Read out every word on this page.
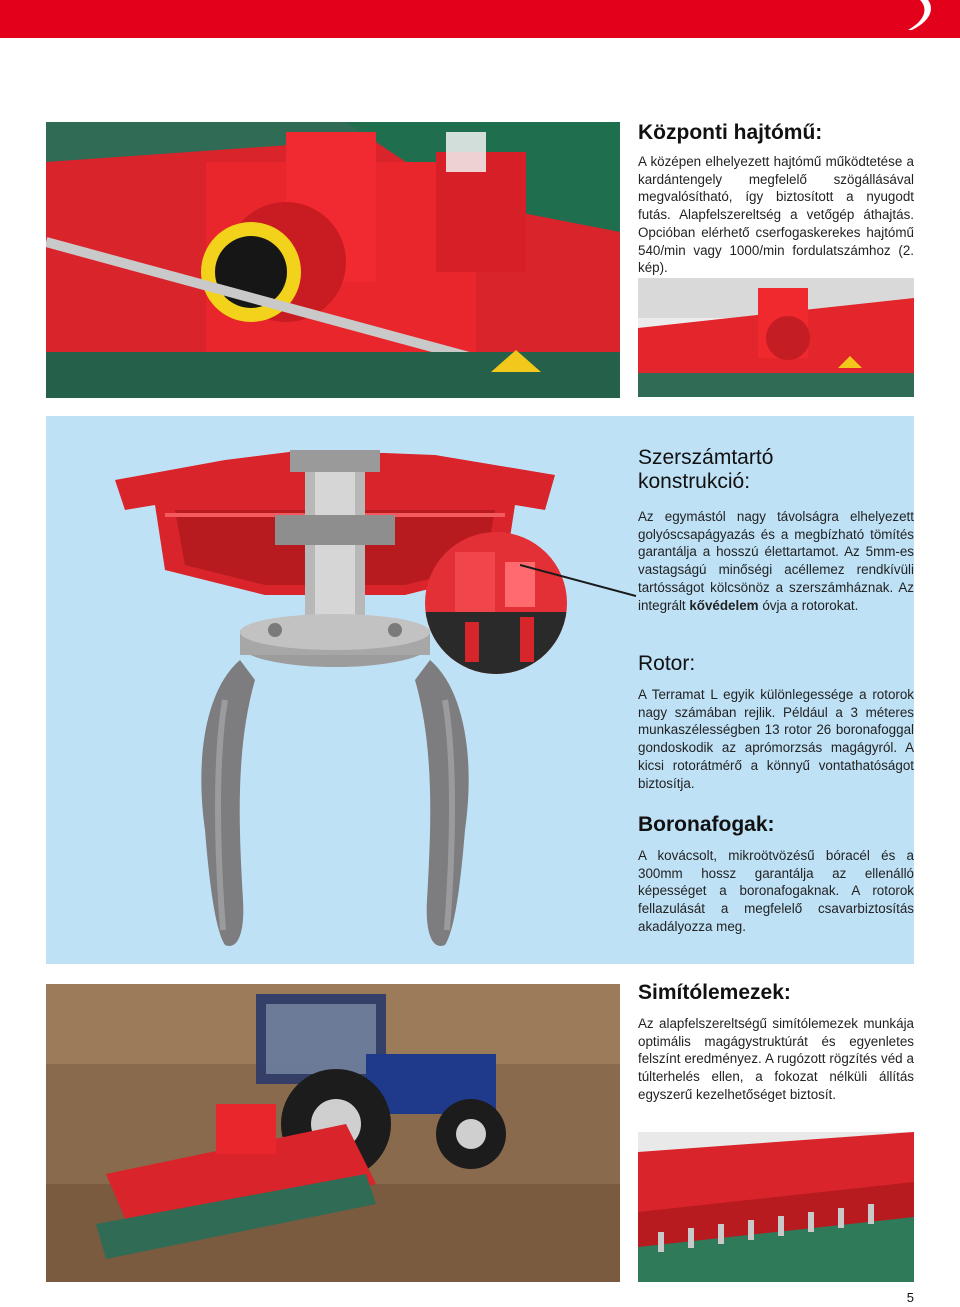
Központi hajtómű:

A középen elhelyezett hajtómű működtetése a kardántengely megfelelő szögállásával megvalósítható, így biztosított a nyugodt futás. Alapfelszereltség a vetőgép áthajtás. Opcióban elérhető cserfogaskerekes hajtómű 540/min vagy 1000/min fordulatszámhoz (2. kép).

Szerszámtartó
konstrukció:

Az egymástól nagy távolságra elhelyezett golyóscsapágyazás és a megbízható tömítés garantálja a hosszú élettartamot. Az 5mm-es vastagságú minőségi acéllemez rendkívüli tartósságot kölcsönöz a szerszámháznak. Az integrált kővédelem óvja a rotorokat.

Rotor:

A Terramat L egyik különlegessége a rotorok nagy számában rejlik. Például a 3 méteres munkaszélességben 13 rotor 26 boronafoggal gondoskodik az aprómorzsás magágyról. A kicsi rotorátmérő a könnyű vontathatóságot biztosítja.

Boronafogak:

A kovácsolt, mikroötvözésű bóracél és a 300mm hossz garantálja az ellenálló képességet a boronafogaknak. A rotorok fellazulását a megfelelő csavarbiztosítás akadályozza meg.

Simítólemezek:

Az alapfelszereltségű simítólemezek munkája optimális magágystruktúrát és egyenletes felszínt eredményez. A rugózott rögzítés véd a túlterhelés ellen, a fokozat nélküli állítás egyszerű kezelhetőséget biztosít.

5
